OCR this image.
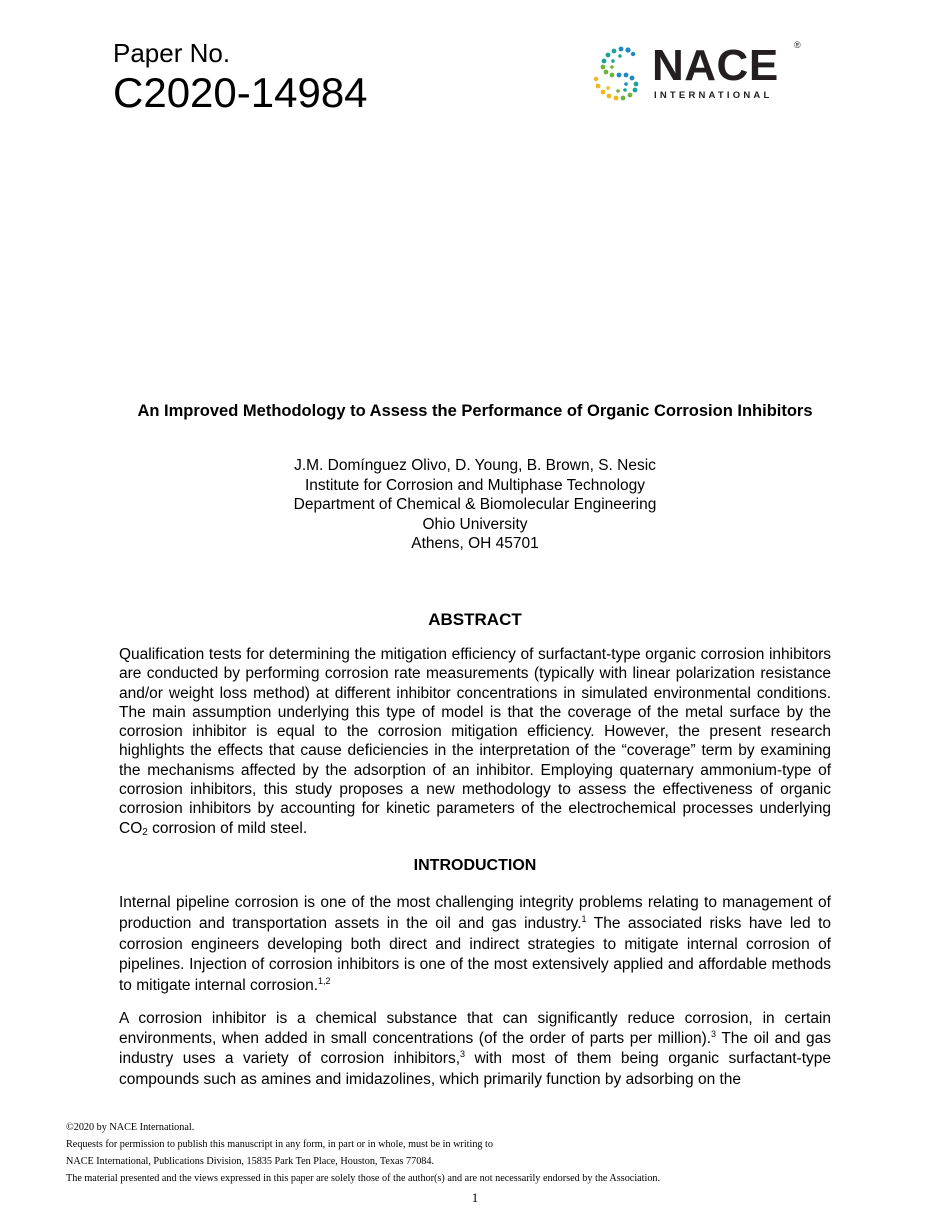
Paper No.
C2020-14984
NACE ®
INTERNATIONAL
An Improved Methodology to Assess the Performance of Organic Corrosion Inhibitors
J.M. Domínguez Olivo, D. Young, B. Brown, S. Nesic
Institute for Corrosion and Multiphase Technology
Department of Chemical & Biomolecular Engineering
Ohio University
Athens, OH 45701
ABSTRACT

Qualification tests for determining the mitigation efficiency of surfactant-type organic corrosion inhibitors are conducted by performing corrosion rate measurements (typically with linear polarization resistance and/or weight loss method) at different inhibitor concentrations in simulated environmental conditions. The main assumption underlying this type of model is that the coverage of the metal surface by the corrosion inhibitor is equal to the corrosion mitigation efficiency. However, the present research highlights the effects that cause deficiencies in the interpretation of the “coverage” term by examining the mechanisms affected by the adsorption of an inhibitor. Employing quaternary ammonium-type of corrosion inhibitors, this study proposes a new methodology to assess the effectiveness of organic corrosion inhibitors by accounting for kinetic parameters of the electrochemical processes underlying $CO_2$ corrosion of mild steel.

INTRODUCTION

Internal pipeline corrosion is one of the most challenging integrity problems relating to management of production and transportation assets in the oil and gas industry.$^1$ The associated risks have led to corrosion engineers developing both direct and indirect strategies to mitigate internal corrosion of pipelines. Injection of corrosion inhibitors is one of the most extensively applied and affordable methods to mitigate internal corrosion.$^{1,2}$

A corrosion inhibitor is a chemical substance that can significantly reduce corrosion, in certain environments, when added in small concentrations (of the order of parts per million).$^3$ The oil and gas industry uses a variety of corrosion inhibitors,$^3$ with most of them being organic surfactant-type compounds such as amines and imidazolines, which primarily function by adsorbing on the

©2020 by NACE International.
Requests for permission to publish this manuscript in any form, in part or in whole, must be in writing to
NACE International, Publications Division, 15835 Park Ten Place, Houston, Texas 77084.
The material presented and the views expressed in this paper are solely those of the author(s) and are not necessarily endorsed by the Association.
1
